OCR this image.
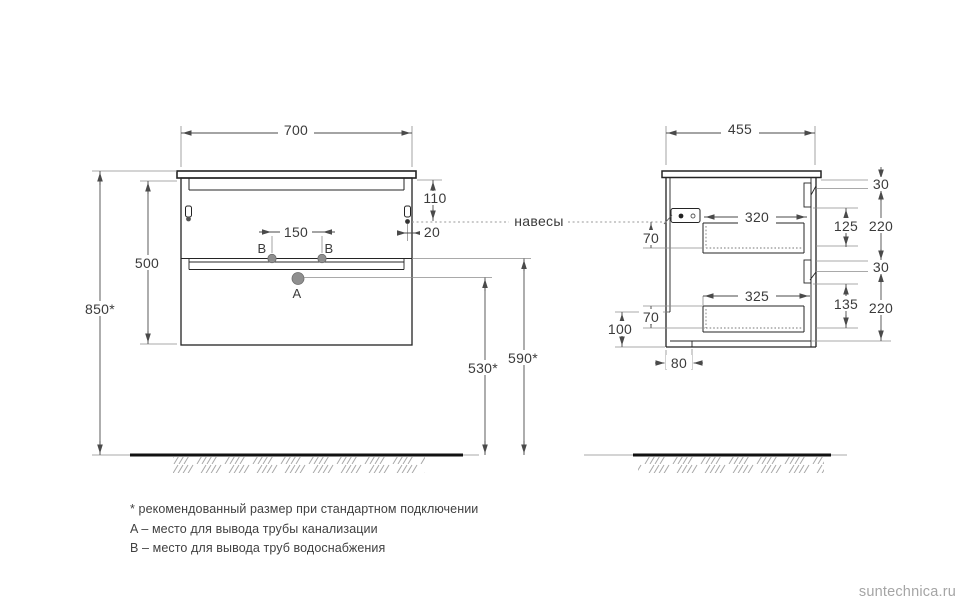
700
110
20
150
B	B
A
500
850*
530*
590*
навесы
455
320
325
70
70
100
80
125
135
220
220
30
30
* рекомендованный размер при стандартном подключении
A – место для вывода трубы канализации
B – место для вывода труб водоснабжения
suntechnica.ru
